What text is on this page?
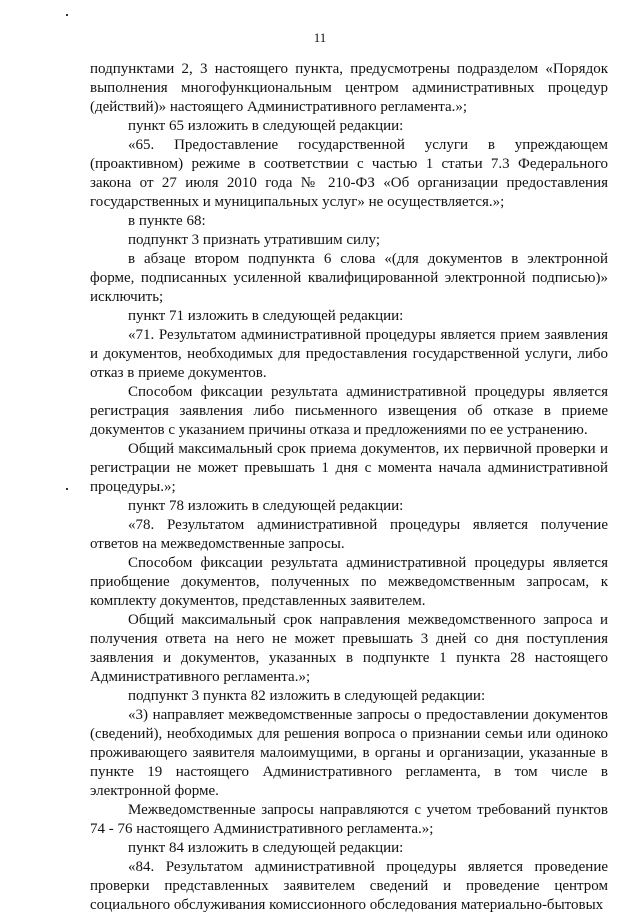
11

подпунктами 2, 3 настоящего пункта, предусмотрены подразделом «Порядок выполнения многофункциональным центром административных процедур (действий)» настоящего Административного регламента.»;

пункт 65 изложить в следующей редакции:

«65. Предоставление государственной услуги в упреждающем (проактивном) режиме в соответствии с частью 1 статьи 7.3 Федерального закона от 27 июля 2010 года № 210-ФЗ «Об организации предоставления государственных и муниципальных услуг» не осуществляется.»;

в пункте 68:

подпункт 3 признать утратившим силу;

в абзаце втором подпункта 6 слова «(для документов в электронной форме, подписанных усиленной квалифицированной электронной подписью)» исключить;

пункт 71 изложить в следующей редакции:

«71. Результатом административной процедуры является прием заявления и документов, необходимых для предоставления государственной услуги, либо отказ в приеме документов.

Способом фиксации результата административной процедуры является регистрация заявления либо письменного извещения об отказе в приеме документов с указанием причины отказа и предложениями по ее устранению.

Общий максимальный срок приема документов, их первичной проверки и регистрации не может превышать 1 дня с момента начала административной процедуры.»;

пункт 78 изложить в следующей редакции:

«78. Результатом административной процедуры является получение ответов на межведомственные запросы.

Способом фиксации результата административной процедуры является приобщение документов, полученных по межведомственным запросам, к комплекту документов, представленных заявителем.

Общий максимальный срок направления межведомственного запроса и получения ответа на него не может превышать 3 дней со дня поступления заявления и документов, указанных в подпункте 1 пункта 28 настоящего Административного регламента.»;

подпункт 3 пункта 82 изложить в следующей редакции:

«3) направляет межведомственные запросы о предоставлении документов (сведений), необходимых для решения вопроса о признании семьи или одиноко проживающего заявителя малоимущими, в органы и организации, указанные в пункте 19 настоящего Административного регламента, в том числе в электронной форме.

Межведомственные запросы направляются с учетом требований пунктов 74 - 76 настоящего Административного регламента.»;

пункт 84 изложить в следующей редакции:

«84. Результатом административной процедуры является проведение проверки представленных заявителем сведений и проведение центром социального обслуживания комиссионного обследования материально-бытовых
